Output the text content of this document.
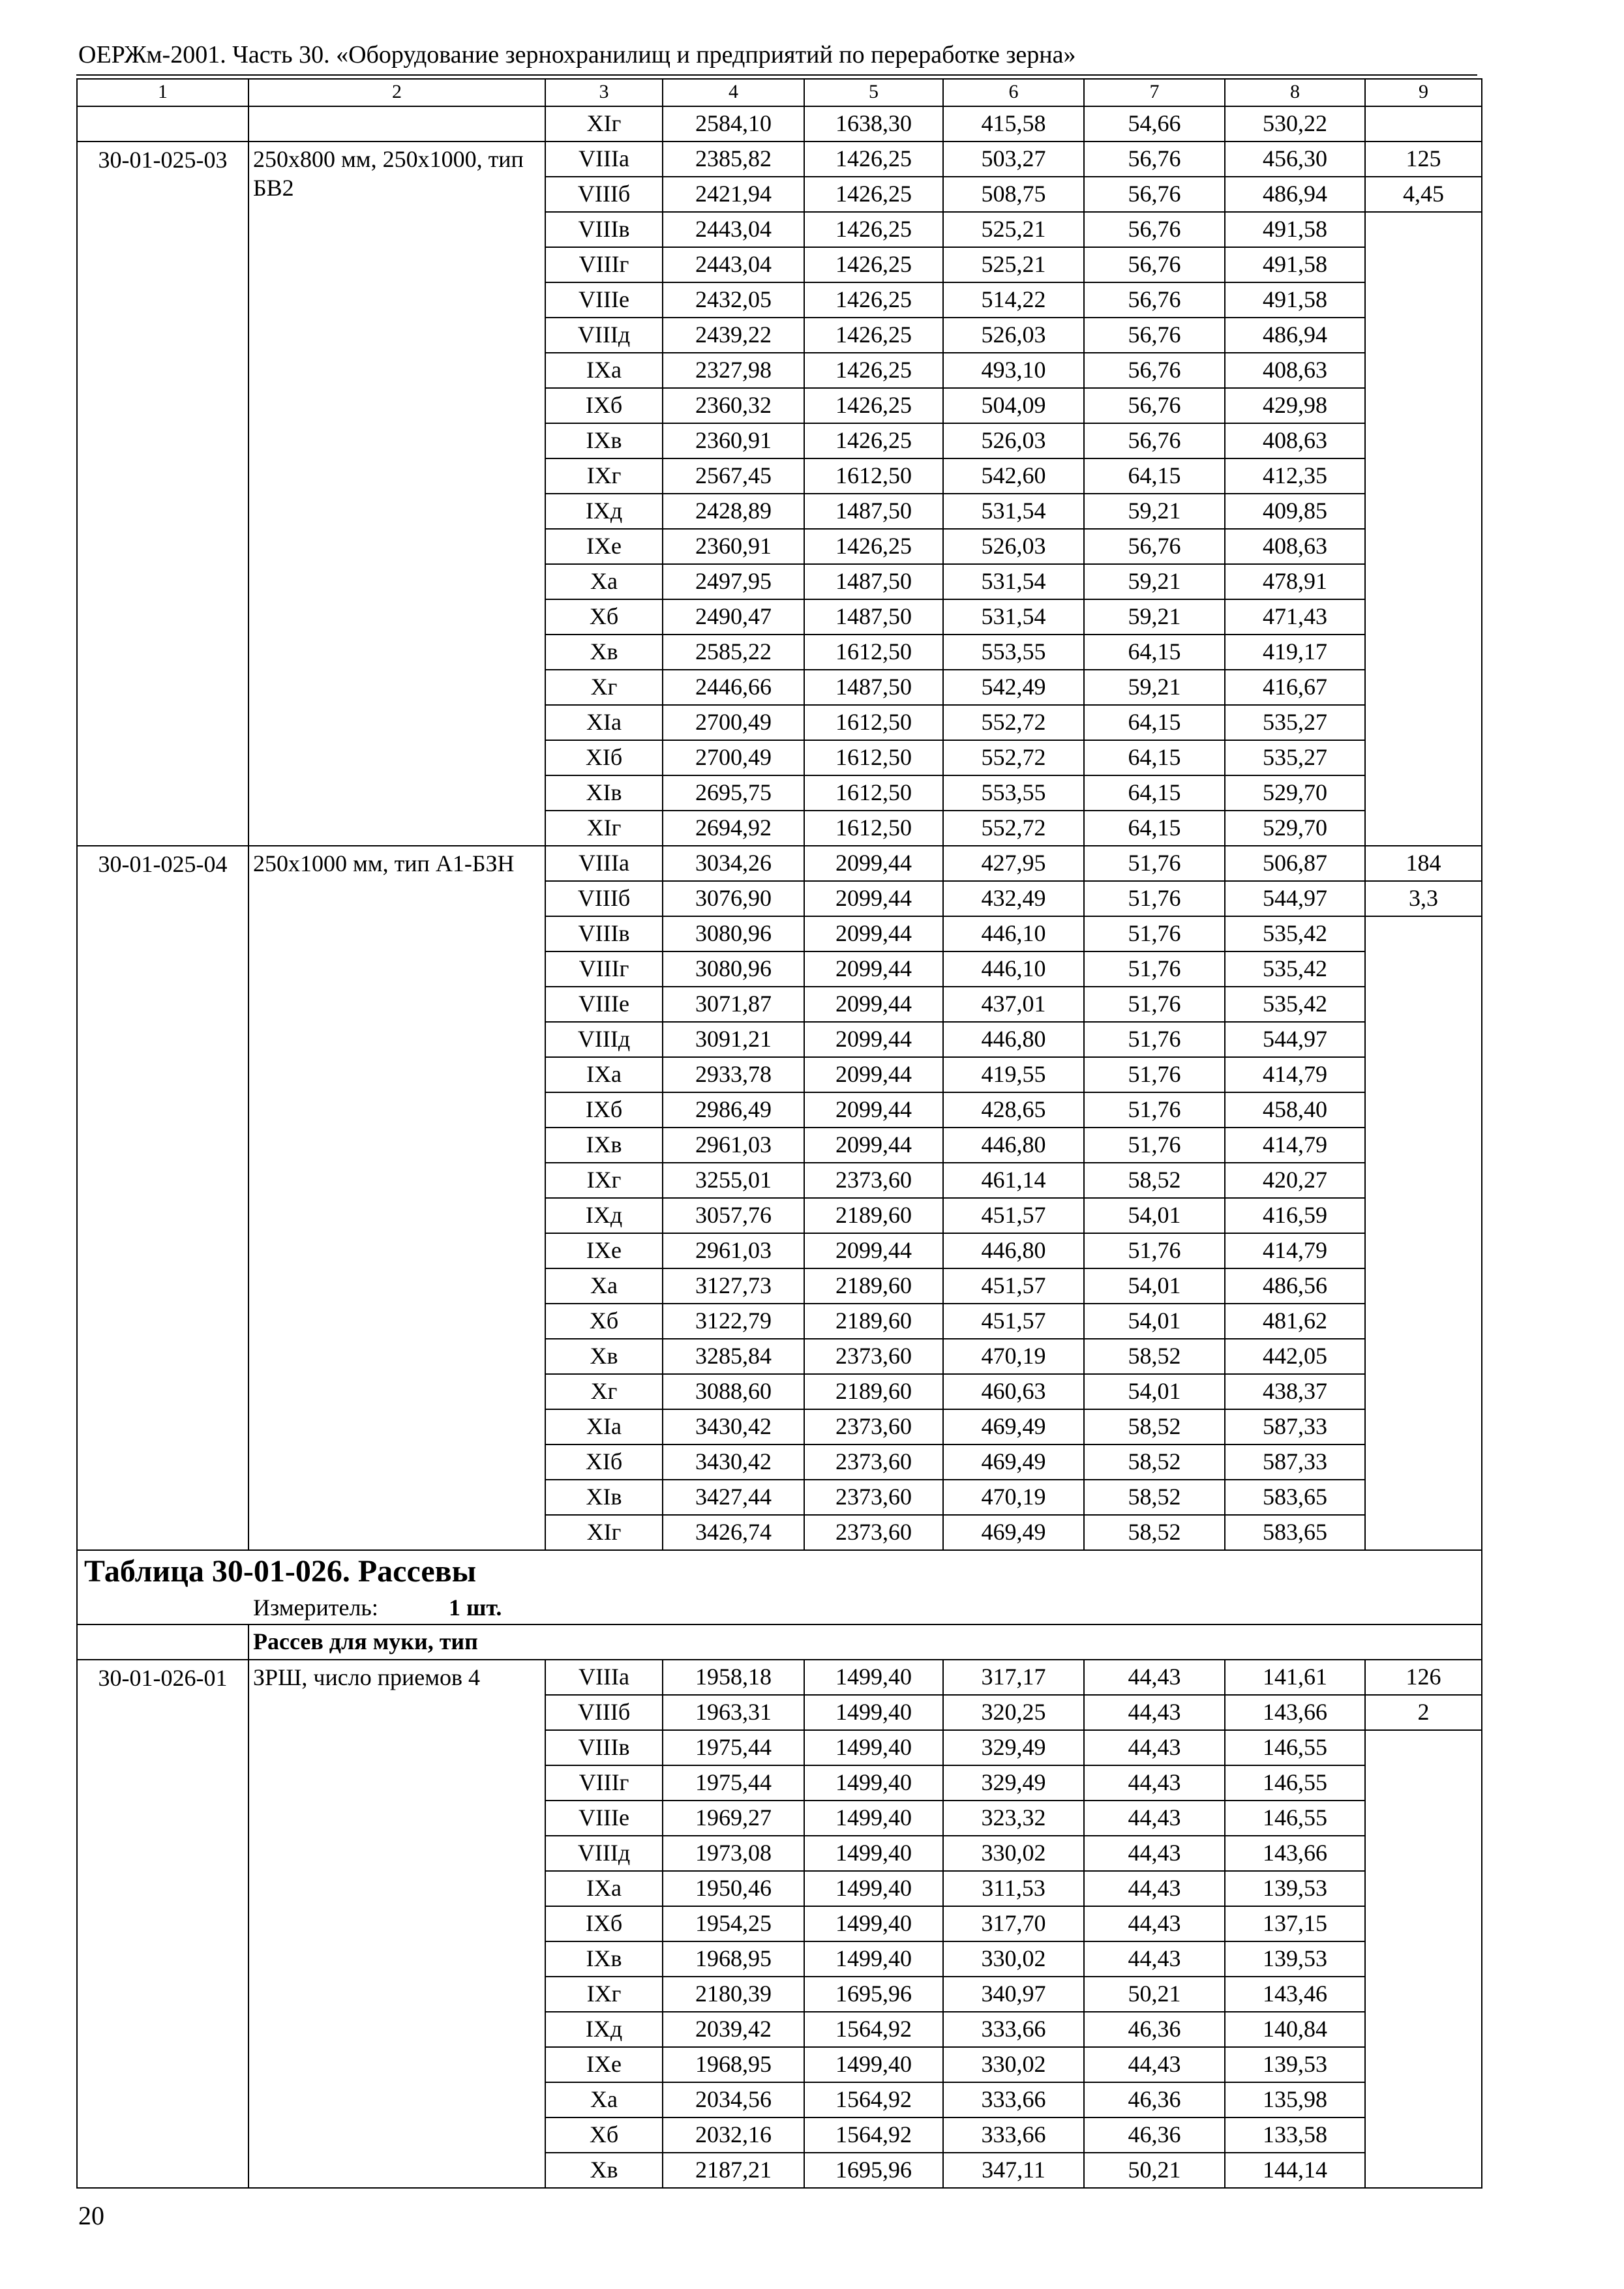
ОЕРЖм-2001. Часть 30. «Оборудование зернохранилищ и предприятий по переработке зерна»
1	2	3	4	5	6	7	8	9
		XIг	2584,10	1638,30	415,58	54,66	530,22	
30-01-025-03	250x800 мм, 250x1000, тип БВ2	VIIIа	2385,82	1426,25	503,27	56,76	456,30	125
		VIIIб	2421,94	1426,25	508,75	56,76	486,94	4,45
		VIIIв	2443,04	1426,25	525,21	56,76	491,58	
		VIIIг	2443,04	1426,25	525,21	56,76	491,58	
		VIIIе	2432,05	1426,25	514,22	56,76	491,58	
		VIIIд	2439,22	1426,25	526,03	56,76	486,94	
		IXа	2327,98	1426,25	493,10	56,76	408,63	
		IXб	2360,32	1426,25	504,09	56,76	429,98	
		IXв	2360,91	1426,25	526,03	56,76	408,63	
		IXг	2567,45	1612,50	542,60	64,15	412,35	
		IXд	2428,89	1487,50	531,54	59,21	409,85	
		IXе	2360,91	1426,25	526,03	56,76	408,63	
		Xа	2497,95	1487,50	531,54	59,21	478,91	
		Xб	2490,47	1487,50	531,54	59,21	471,43	
		Xв	2585,22	1612,50	553,55	64,15	419,17	
		Xг	2446,66	1487,50	542,49	59,21	416,67	
		XIа	2700,49	1612,50	552,72	64,15	535,27	
		XIб	2700,49	1612,50	552,72	64,15	535,27	
		XIв	2695,75	1612,50	553,55	64,15	529,70	
		XIг	2694,92	1612,50	552,72	64,15	529,70	
30-01-025-04	250x1000 мм, тип А1-БЗН	VIIIа	3034,26	2099,44	427,95	51,76	506,87	184
		VIIIб	3076,90	2099,44	432,49	51,76	544,97	3,3
		VIIIв	3080,96	2099,44	446,10	51,76	535,42	
		VIIIг	3080,96	2099,44	446,10	51,76	535,42	
		VIIIе	3071,87	2099,44	437,01	51,76	535,42	
		VIIIд	3091,21	2099,44	446,80	51,76	544,97	
		IXа	2933,78	2099,44	419,55	51,76	414,79	
		IXб	2986,49	2099,44	428,65	51,76	458,40	
		IXв	2961,03	2099,44	446,80	51,76	414,79	
		IXг	3255,01	2373,60	461,14	58,52	420,27	
		IXд	3057,76	2189,60	451,57	54,01	416,59	
		IXе	2961,03	2099,44	446,80	51,76	414,79	
		Xа	3127,73	2189,60	451,57	54,01	486,56	
		Xб	3122,79	2189,60	451,57	54,01	481,62	
		Xв	3285,84	2373,60	470,19	58,52	442,05	
		Xг	3088,60	2189,60	460,63	54,01	438,37	
		XIа	3430,42	2373,60	469,49	58,52	587,33	
		XIб	3430,42	2373,60	469,49	58,52	587,33	
		XIв	3427,44	2373,60	470,19	58,52	583,65	
		XIг	3426,74	2373,60	469,49	58,52	583,65	
Таблица 30-01-026. Рассевы								
Измеритель: 1 шт.								
	Рассев для муки, тип							
30-01-026-01	ЗРШ, число приемов 4	VIIIа	1958,18	1499,40	317,17	44,43	141,61	126
		VIIIб	1963,31	1499,40	320,25	44,43	143,66	2
		VIIIв	1975,44	1499,40	329,49	44,43	146,55	
		VIIIг	1975,44	1499,40	329,49	44,43	146,55	
		VIIIе	1969,27	1499,40	323,32	44,43	146,55	
		VIIIд	1973,08	1499,40	330,02	44,43	143,66	
		IXа	1950,46	1499,40	311,53	44,43	139,53	
		IXб	1954,25	1499,40	317,70	44,43	137,15	
		IXв	1968,95	1499,40	330,02	44,43	139,53	
		IXг	2180,39	1695,96	340,97	50,21	143,46	
		IXд	2039,42	1564,92	333,66	46,36	140,84	
		IXе	1968,95	1499,40	330,02	44,43	139,53	
		Xа	2034,56	1564,92	333,66	46,36	135,98	
		Xб	2032,16	1564,92	333,66	46,36	133,58	
		Xв	2187,21	1695,96	347,11	50,21	144,14	
20
